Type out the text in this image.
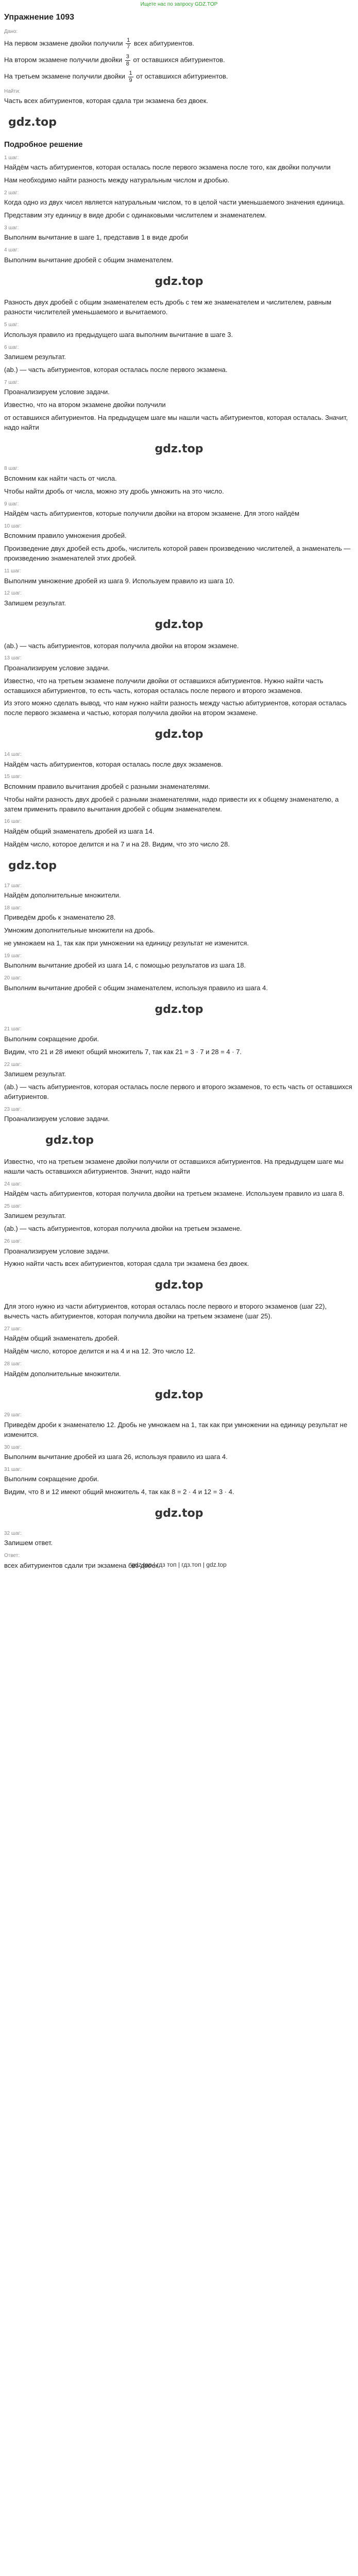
Ищете нас по запросу GDZ.TOP
Упражнение 1093
Дано:
На первом экзамене двойки получили $\frac{1}{7}$ всех абитуриентов.
На втором экзамене получили двойки $\frac{3}{8}$ от оставшихся абитуриентов.
На третьем экзамене получили двойки $\frac{1}{9}$ от оставшихся абитуриентов.
Найти:
Часть всех абитуриентов, которая сдала три экзамена без двоек.
gdz.top
Подробное решение
1 шаг:
Найдём часть абитуриентов, которая осталась после первого экзамена после того, как двойки получили
Нам необходимо найти разность между натуральным числом и дробью.
2 шаг:
Когда одно из двух чисел является натуральным числом, то в целой части уменьшаемого значения единица.
Представим эту единицу в виде дроби с одинаковыми числителем и знаменателем.
3 шаг:
Выполним вычитание в шаге 1, представив 1 в виде дроби
4 шаг:
Выполним вычитание дробей с общим знаменателем.
gdz.top
Разность двух дробей с общим знаменателем есть дробь с тем же знаменателем и числителем, равным разности числителей уменьшаемого и вычитаемого.
5 шаг:
Используя правило из предыдущего шага выполним вычитание в шаге 3.
6 шаг:
Запишем результат.
(ab.) — часть абитуриентов, которая осталась после первого экзамена.
7 шаг:
Проанализируем условие задачи.
Известно, что на втором экзамене двойки получили
от оставшихся абитуриентов. На предыдущем шаге мы нашли часть абитуриентов, которая осталась. Значит, надо найти
gdz.top
8 шаг:
Вспомним как найти часть от числа.
Чтобы найти дробь от числа, можно эту дробь умножить на это число.
9 шаг:
Найдём часть абитуриентов, которые получили двойки на втором экзамене. Для этого найдём
10 шаг:
Вспомним правило умножения дробей.
Произведение двух дробей есть дробь, числитель которой равен произведению числителей, а знаменатель — произведению знаменателей этих дробей.
11 шаг:
Выполним умножение дробей из шага 9. Используем правило из шага 10.
12 шаг:
Запишем результат.
gdz.top
(ab.) — часть абитуриентов, которая получила двойки на втором экзамене.
13 шаг:
Проанализируем условие задачи.
Известно, что на третьем экзамене получили двойки от оставшихся абитуриентов. Нужно найти часть оставшихся абитуриентов, то есть часть, которая осталась после первого и второго экзаменов.
Из этого можно сделать вывод, что нам нужно найти разность между частью абитуриентов, которая осталась после первого экзамена и частью, которая получила двойки на втором экзамене.
gdz.top
14 шаг:
Найдём часть абитуриентов, которая осталась после двух экзаменов.
15 шаг:
Вспомним правило вычитания дробей с разными знаменателями.
Чтобы найти разность двух дробей с разными знаменателями, надо привести их к общему знаменателю, а затем применить правило вычитания дробей с общим знаменателем.
16 шаг:
Найдём общий знаменатель дробей из шага 14.
Найдём число, которое делится и на 7 и на 28. Видим, что это число 28.
gdz.top
17 шаг:
Найдём дополнительные множители.
18 шаг:
Приведём дробь к знаменателю 28.
Умножим дополнительные множители на дробь.
не умножаем на 1, так как при умножении на единицу результат не изменится.
19 шаг:
Выполним вычитание дробей из шага 14, с помощью результатов из шага 18.
20 шаг:
Выполним вычитание дробей с общим знаменателем, используя правило из шага 4.
gdz.top
21 шаг:
Выполним сокращение дроби.
Видим, что 21 и 28 имеют общий множитель 7, так как 21 = 3 · 7 и 28 = 4 · 7.
22 шаг:
Запишем результат.
(ab.) — часть абитуриентов, которая осталась после первого и второго экзаменов, то есть часть от оставшихся абитуриентов.
23 шаг:
Проанализируем условие задачи.
gdz.top
Известно, что на третьем экзамене двойки получили от оставшихся абитуриентов. На предыдущем шаге мы нашли часть оставшихся абитуриентов. Значит, надо найти
24 шаг:
Найдём часть абитуриентов, которая получила двойки на третьем экзамене. Используем правило из шага 8.
25 шаг:
Запишем результат.
(ab.) — часть абитуриентов, которая получила двойки на третьем экзамене.
26 шаг:
Проанализируем условие задачи.
Нужно найти часть всех абитуриентов, которая сдала три экзамена без двоек.
gdz.top
Для этого нужно из части абитуриентов, которая осталась после первого и второго экзаменов (шаг 22), вычесть часть абитуриентов, которая получила двойки на третьем экзамене (шаг 25).
27 шаг:
Найдём общий знаменатель дробей.
Найдём число, которое делится и на 4 и на 12. Это число 12.
28 шаг:
Найдём дополнительные множители.
gdz.top
29 шаг:
Приведём дроби к знаменателю 12. Дробь не умножаем на 1, так как при умножении на единицу результат не изменится.
30 шаг:
Выполним вычитание дробей из шага 26, используя правило из шага 4.
31 шаг:
Выполним сокращение дроби.
Видим, что 8 и 12 имеют общий множитель 4, так как 8 = 2 · 4 и 12 = 3 · 4.
gdz.top
32 шаг:
Запишем ответ.
Ответ:
всех абитуриентов сдали три экзамена без двоек.
gdz.top | гдз топ | гдз.топ | gdz.top
